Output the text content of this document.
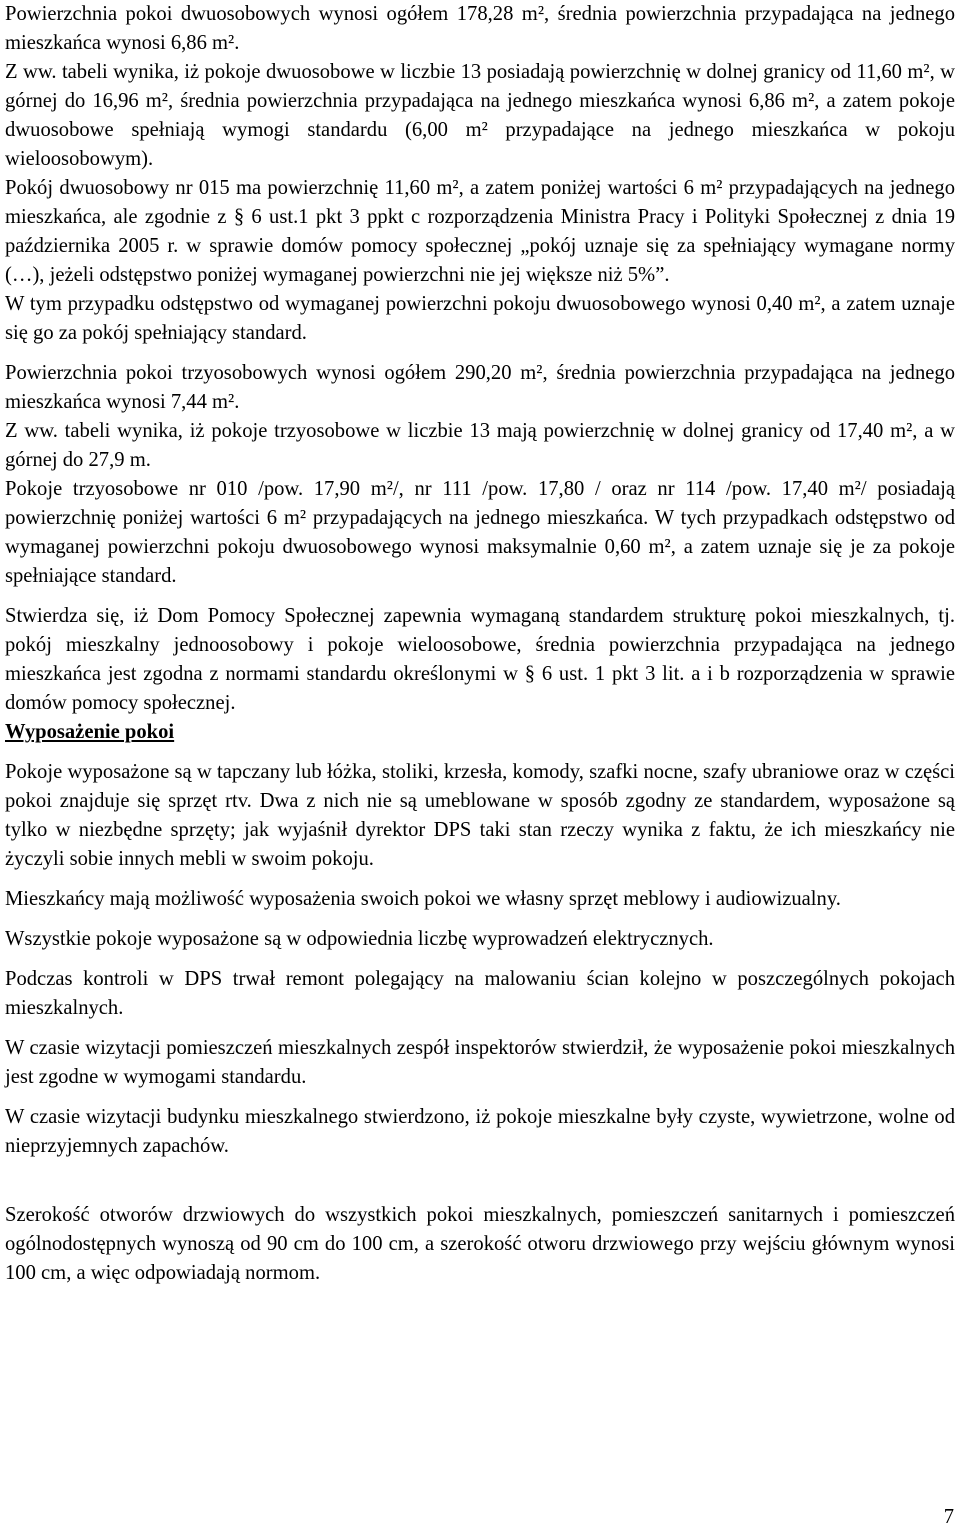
Powierzchnia pokoi dwuosobowych wynosi ogółem 178,28 m², średnia powierzchnia przypadająca na jednego mieszkańca wynosi 6,86 m².

Z ww. tabeli wynika, iż pokoje dwuosobowe w liczbie 13 posiadają powierzchnię w dolnej granicy od 11,60 m², w górnej do 16,96 m², średnia powierzchnia przypadająca na jednego mieszkańca wynosi 6,86 m², a zatem pokoje dwuosobowe spełniają wymogi standardu (6,00 m² przypadające na jednego mieszkańca w pokoju wieloosobowym).

Pokój dwuosobowy nr 015 ma powierzchnię 11,60 m², a zatem poniżej wartości 6 m² przypadających na jednego mieszkańca, ale zgodnie z § 6 ust.1 pkt 3 ppkt c rozporządzenia Ministra Pracy i Polityki Społecznej z dnia 19 października 2005 r. w sprawie domów pomocy społecznej „pokój uznaje się za spełniający wymagane normy (…), jeżeli odstępstwo poniżej wymaganej powierzchni nie jej większe niż 5%”.

W tym przypadku odstępstwo od wymaganej powierzchni pokoju dwuosobowego wynosi 0,40 m², a zatem uznaje się go za pokój spełniający standard.

Powierzchnia pokoi trzyosobowych wynosi ogółem 290,20 m², średnia powierzchnia przypadająca na jednego mieszkańca wynosi 7,44 m².

Z ww. tabeli wynika, iż pokoje trzyosobowe w liczbie 13 mają powierzchnię w dolnej granicy od 17,40 m², a w górnej do 27,9 m.

Pokoje trzyosobowe nr 010 /pow. 17,90 m²/, nr 111 /pow. 17,80 / oraz nr 114 /pow. 17,40 m²/ posiadają powierzchnię poniżej wartości 6 m² przypadających na jednego mieszkańca. W tych przypadkach odstępstwo od wymaganej powierzchni pokoju dwuosobowego wynosi maksymalnie 0,60 m², a zatem uznaje się je za pokoje spełniające standard.

Stwierdza się, iż Dom Pomocy Społecznej zapewnia wymaganą standardem strukturę pokoi mieszkalnych, tj. pokój mieszkalny jednoosobowy i pokoje wieloosobowe, średnia powierzchnia przypadająca na jednego mieszkańca jest zgodna z normami standardu określonymi w § 6 ust. 1 pkt 3 lit. a i b rozporządzenia w sprawie domów pomocy społecznej.

Wyposażenie pokoi

Pokoje wyposażone są w tapczany lub łóżka, stoliki, krzesła, komody, szafki nocne, szafy ubraniowe oraz w części pokoi znajduje się sprzęt rtv. Dwa z nich nie są umeblowane w sposób zgodny ze standardem, wyposażone są tylko w niezbędne sprzęty; jak wyjaśnił dyrektor DPS taki stan rzeczy wynika z faktu, że ich mieszkańcy nie życzyli sobie innych mebli w swoim pokoju.

Mieszkańcy mają możliwość wyposażenia swoich pokoi we własny sprzęt meblowy i audiowizualny.

Wszystkie pokoje wyposażone są w odpowiednia liczbę wyprowadzeń elektrycznych.

Podczas kontroli w DPS trwał remont polegający na malowaniu ścian kolejno w poszczególnych pokojach mieszkalnych.

W czasie wizytacji pomieszczeń mieszkalnych zespół inspektorów stwierdził, że wyposażenie pokoi mieszkalnych jest zgodne w wymogami standardu.

W czasie wizytacji budynku mieszkalnego stwierdzono, iż pokoje mieszkalne były czyste, wywietrzone, wolne od nieprzyjemnych zapachów.

Szerokość otworów drzwiowych do wszystkich pokoi mieszkalnych, pomieszczeń sanitarnych i pomieszczeń ogólnodostępnych wynoszą od 90 cm do 100 cm, a szerokość otworu drzwiowego przy wejściu głównym wynosi 100 cm, a więc odpowiadają normom.

7
